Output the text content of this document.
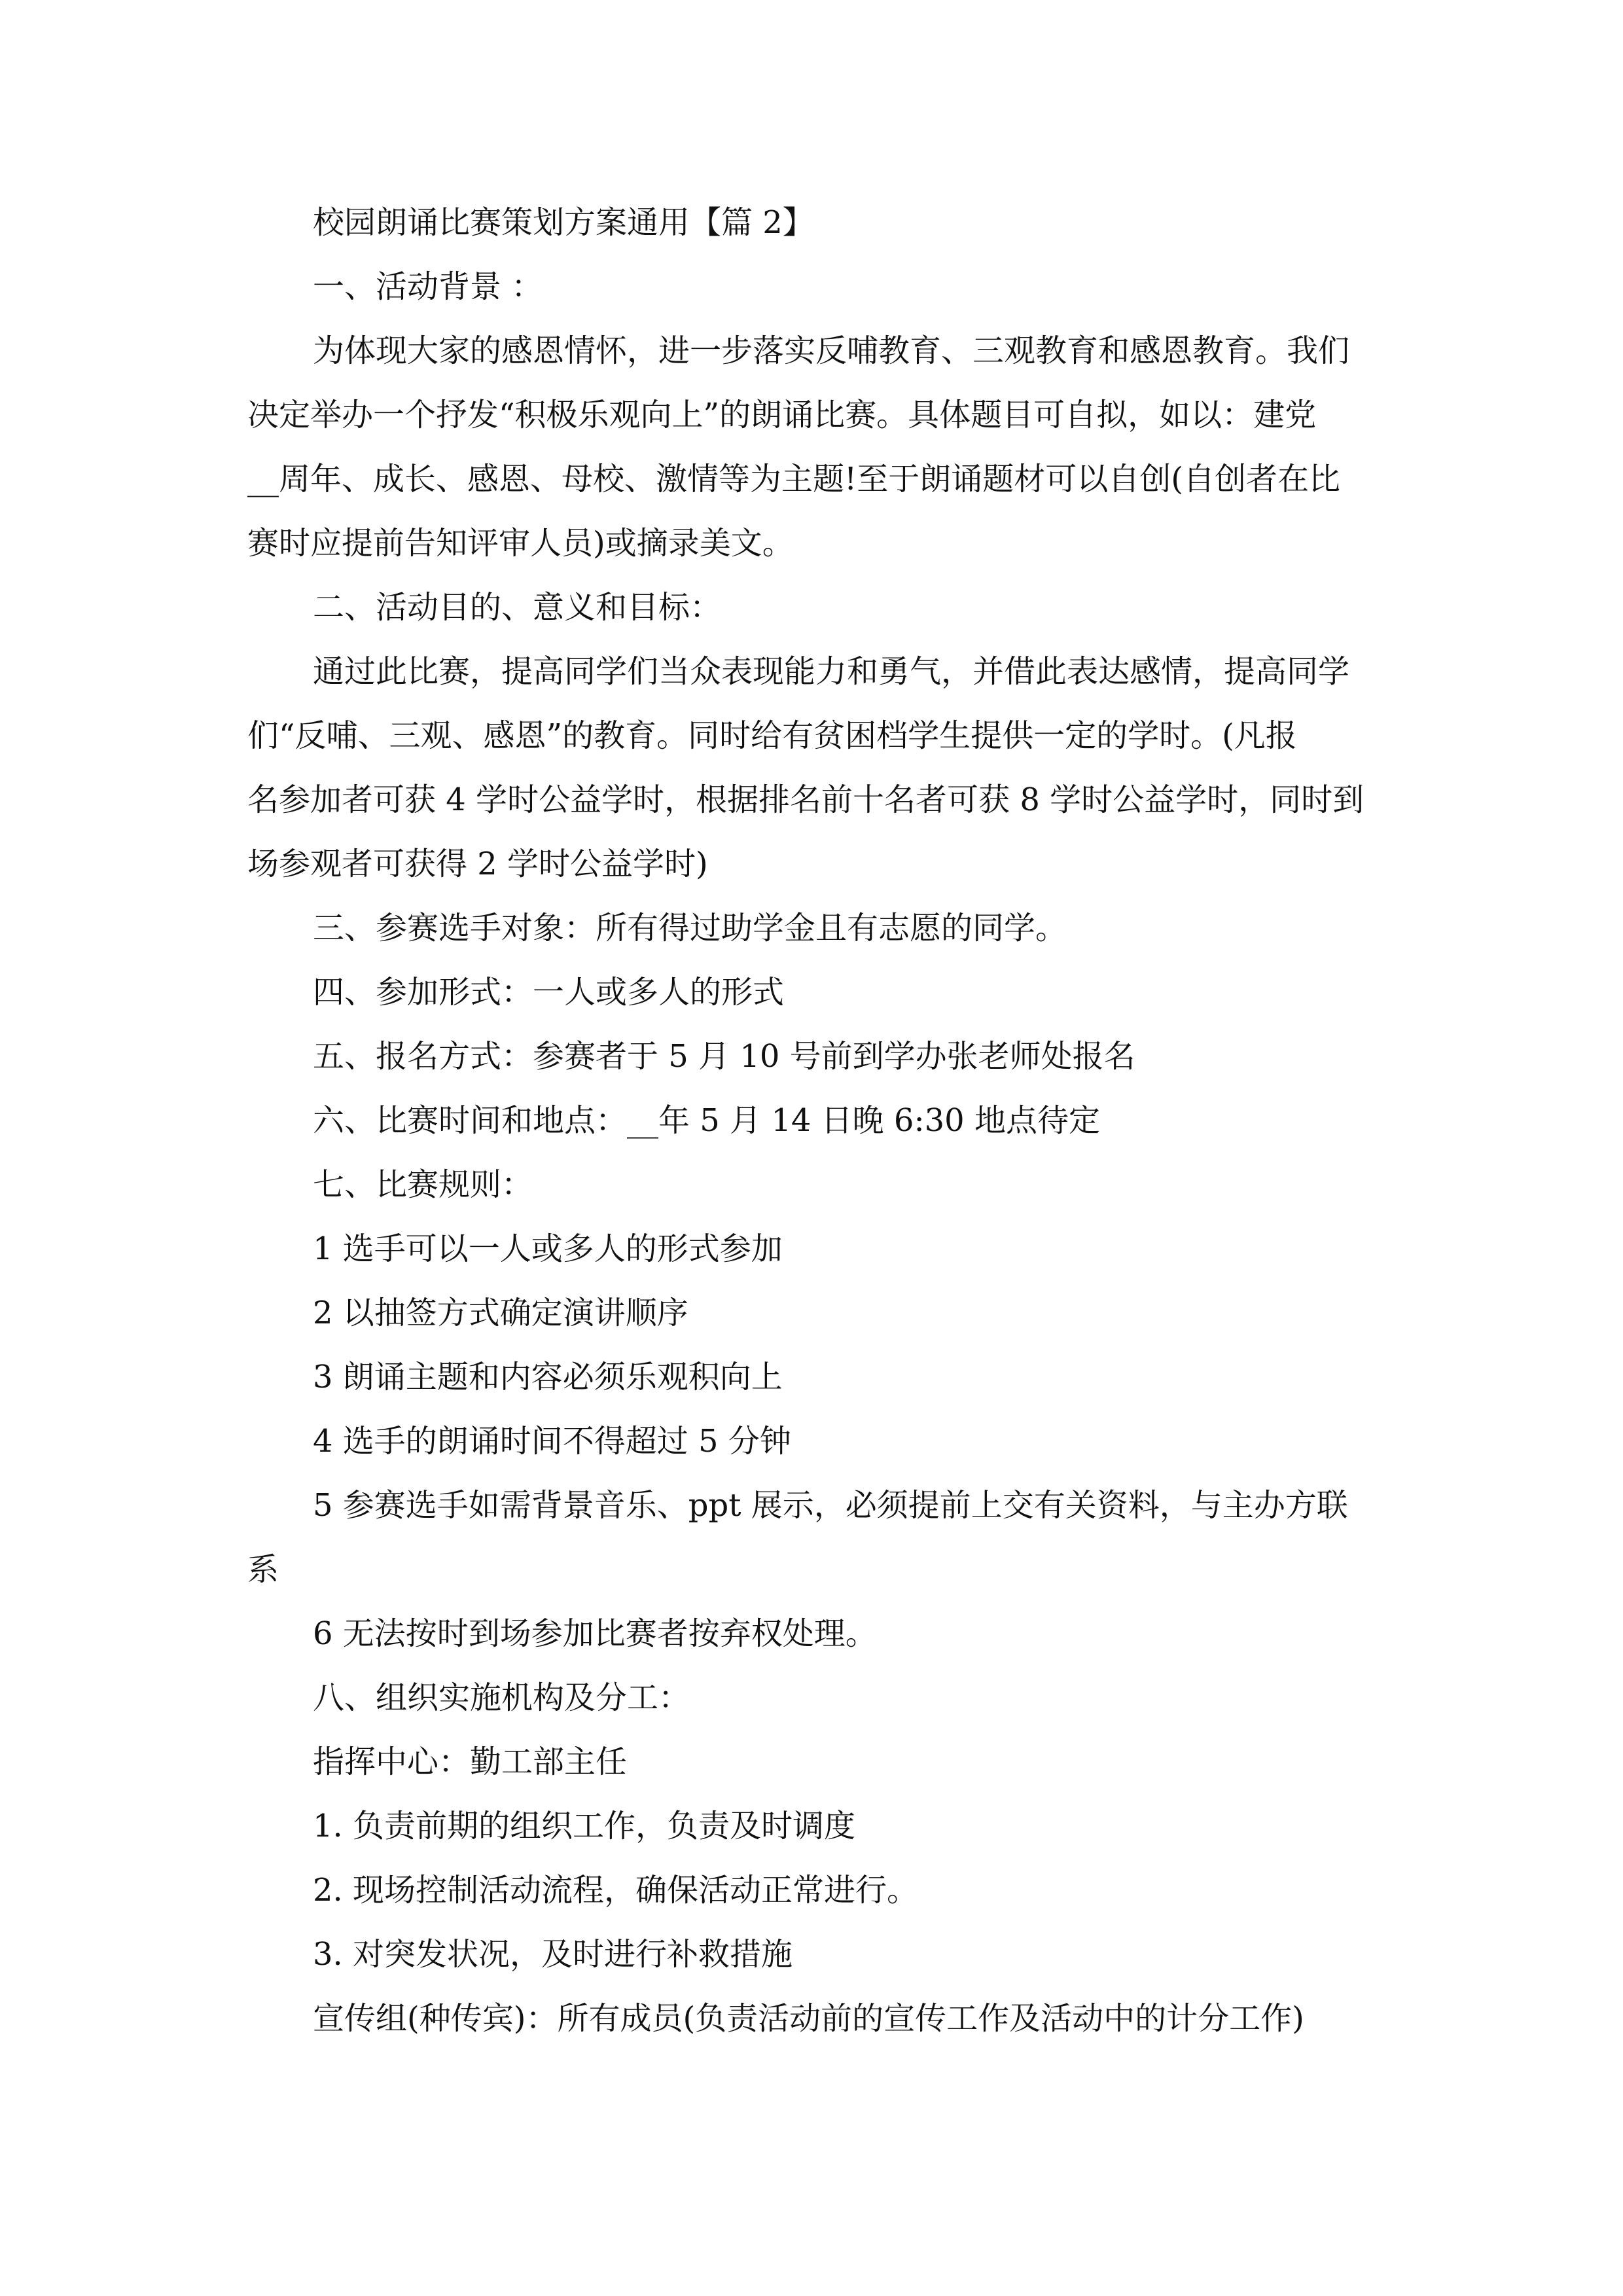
校园朗诵比赛策划方案通用【篇 2】

一、活动背景 ：

为体现大家的感恩情怀，进一步落实反哺教育、三观教育和感恩教育。我们

决定举办一个抒发“积极乐观向上”的朗诵比赛。具体题目可自拟，如以：建党

__周年、成长、感恩、母校、激情等为主题!至于朗诵题材可以自创(自创者在比

赛时应提前告知评审人员)或摘录美文。

二、活动目的、意义和目标：

通过此比赛，提高同学们当众表现能力和勇气，并借此表达感情，提高同学

们“反哺、三观、感恩”的教育。同时给有贫困档学生提供一定的学时。(凡报

名参加者可获 4 学时公益学时，根据排名前十名者可获 8 学时公益学时，同时到

场参观者可获得 2 学时公益学时)

三、参赛选手对象：所有得过助学金且有志愿的同学。

四、参加形式：一人或多人的形式

五、报名方式：参赛者于 5 月 10 号前到学办张老师处报名

六、比赛时间和地点：__年 5 月 14 日晚 6:30 地点待定

七、比赛规则：

1 选手可以一人或多人的形式参加

2 以抽签方式确定演讲顺序

3 朗诵主题和内容必须乐观积向上

4 选手的朗诵时间不得超过 5 分钟

5 参赛选手如需背景音乐、ppt 展示，必须提前上交有关资料，与主办方联

系

6 无法按时到场参加比赛者按弃权处理。

八、组织实施机构及分工：

指挥中心：勤工部主任

1. 负责前期的组织工作，负责及时调度

2. 现场控制活动流程，确保活动正常进行。

3. 对突发状况，及时进行补救措施

宣传组(种传宾)：所有成员(负责活动前的宣传工作及活动中的计分工作)
